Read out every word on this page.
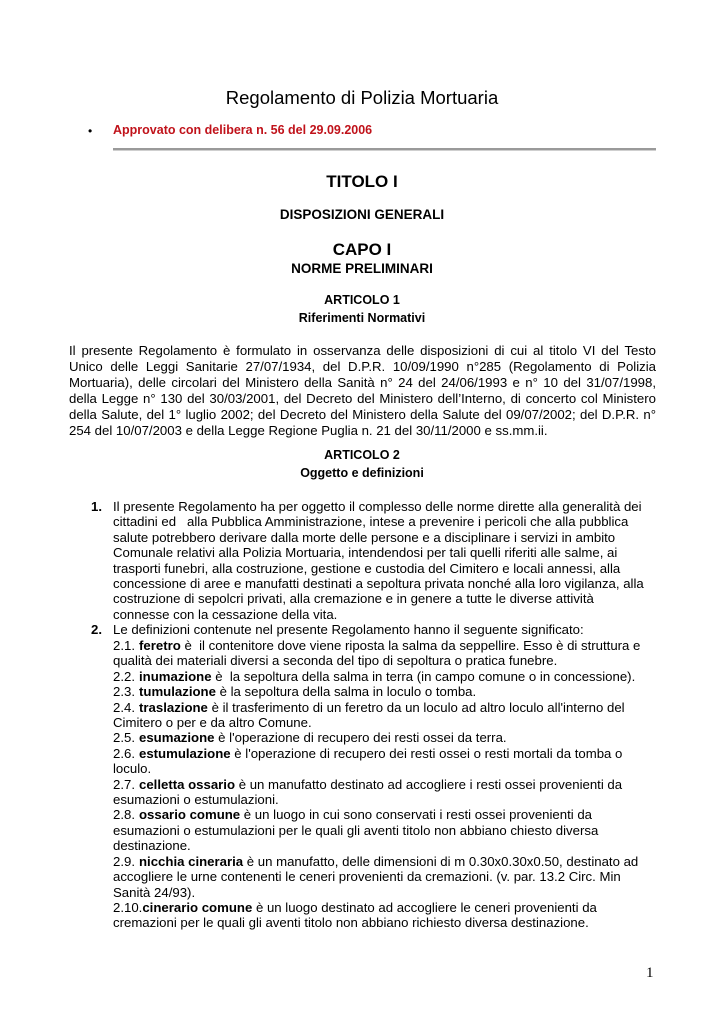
Regolamento di Polizia Mortuaria
• Approvato con delibera n. 56 del 29.09.2006
TITOLO I
DISPOSIZIONI GENERALI
CAPO I
NORME PRELIMINARI
ARTICOLO 1
Riferimenti Normativi
Il presente Regolamento è formulato in osservanza delle disposizioni di cui al titolo VI del Testo Unico delle Leggi Sanitarie 27/07/1934, del D.P.R. 10/09/1990 n°285 (Regolamento di Polizia Mortuaria), delle circolari del Ministero della Sanità n° 24 del 24/06/1993 e n° 10 del 31/07/1998, della Legge n° 130 del 30/03/2001, del Decreto del Ministero dell’Interno, di concerto col Ministero della Salute, del 1° luglio 2002; del Decreto del Ministero della Salute del 09/07/2002; del D.P.R. n° 254 del 10/07/2003 e della Legge Regione Puglia n. 21 del 30/11/2000 e ss.mm.ii.
ARTICOLO 2
Oggetto e definizioni
1. Il presente Regolamento ha per oggetto il complesso delle norme dirette alla generalità dei
cittadini ed   alla Pubblica Amministrazione, intese a prevenire i pericoli che alla pubblica
salute potrebbero derivare dalla morte delle persone e a disciplinare i servizi in ambito
Comunale relativi alla Polizia Mortuaria, intendendosi per tali quelli riferiti alle salme, ai
trasporti funebri, alla costruzione, gestione e custodia del Cimitero e locali annessi, alla
concessione di aree e manufatti destinati a sepoltura privata nonché alla loro vigilanza, alla
costruzione di sepolcri privati, alla cremazione e in genere a tutte le diverse attività
connesse con la cessazione della vita.
2. Le definizioni contenute nel presente Regolamento hanno il seguente significato:
2.1. feretro è  il contenitore dove viene riposta la salma da seppellire. Esso è di struttura e
qualità dei materiali diversi a seconda del tipo di sepoltura o pratica funebre.
2.2. inumazione è  la sepoltura della salma in terra (in campo comune o in concessione).
2.3. tumulazione è la sepoltura della salma in loculo o tomba.
2.4. traslazione è il trasferimento di un feretro da un loculo ad altro loculo all'interno del
Cimitero o per e da altro Comune.
2.5. esumazione è l'operazione di recupero dei resti ossei da terra.
2.6. estumulazione è l'operazione di recupero dei resti ossei o resti mortali da tomba o
loculo.
2.7. celletta ossario è un manufatto destinato ad accogliere i resti ossei provenienti da
esumazioni o estumulazioni.
2.8. ossario comune è un luogo in cui sono conservati i resti ossei provenienti da
esumazioni o estumulazioni per le quali gli aventi titolo non abbiano chiesto diversa
destinazione.
2.9. nicchia cineraria è un manufatto, delle dimensioni di m 0.30x0.30x0.50, destinato ad
accogliere le urne contenenti le ceneri provenienti da cremazioni. (v. par. 13.2 Circ. Min
Sanità 24/93).
2.10.cinerario comune è un luogo destinato ad accogliere le ceneri provenienti da
cremazioni per le quali gli aventi titolo non abbiano richiesto diversa destinazione.
1
